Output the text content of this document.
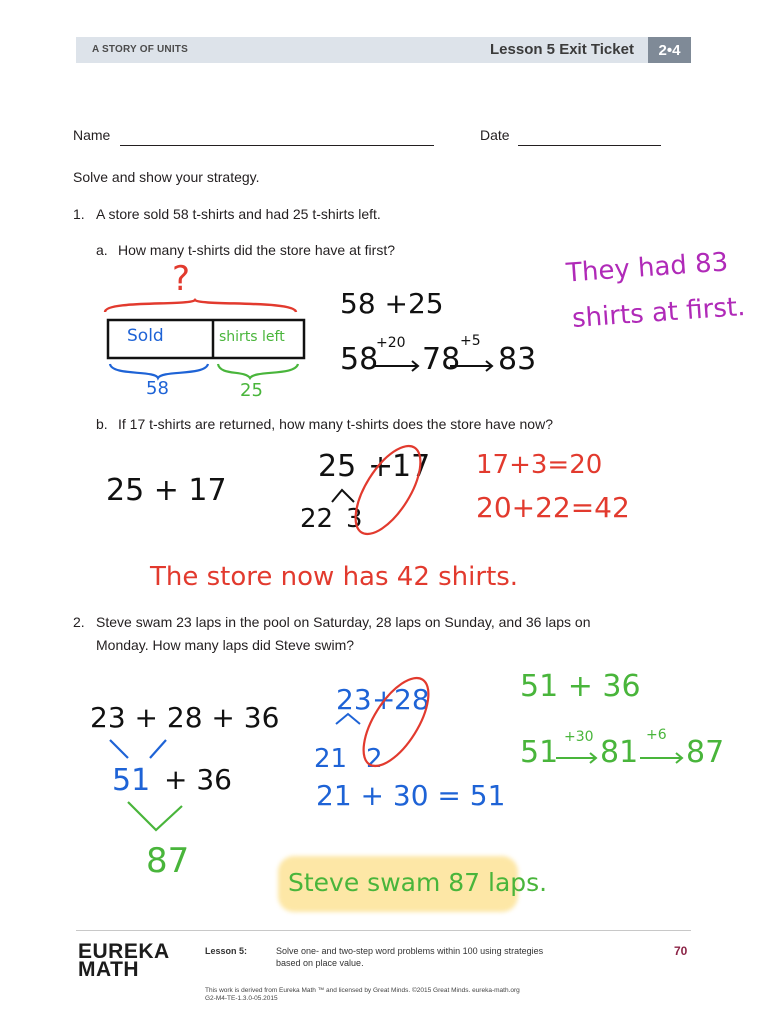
A STORY OF UNITS	Lesson 5 Exit Ticket	2•4
Name	Date
Solve and show your strategy.
1. A store sold 58 t-shirts and had 25 t-shirts left.
a. How many t-shirts did the store have at first?
?
Sold	shirts left
58	25
58 +25
58
+20 78
+5
83
They had 83
shirts at first.
b. If 17 t-shirts are returned, how many t-shirts does the store have now?
25 + 17
25 +
17
22 3
17+3=20
20+22=42
The store now has 42 shirts.
2. Steve swam 23 laps in the pool on Saturday, 28 laps on Sunday, and 36 laps on
Monday. How many laps did Steve swim?
23 + 28 + 36
51 + 36
87
23 +
28
21 2
21 + 30 = 51
51 + 36
51 +30 81 +6 87
Steve swam 87 laps.
EUREKA
MATH
Lesson 5:	Solve one- and two-step word problems within 100 using strategies
based on place value.
70
This work is derived from Eureka Math ™ and licensed by Great Minds. ©2015 Great Minds. eureka-math.org
G2-M4-TE-1.3.0-05.2015
